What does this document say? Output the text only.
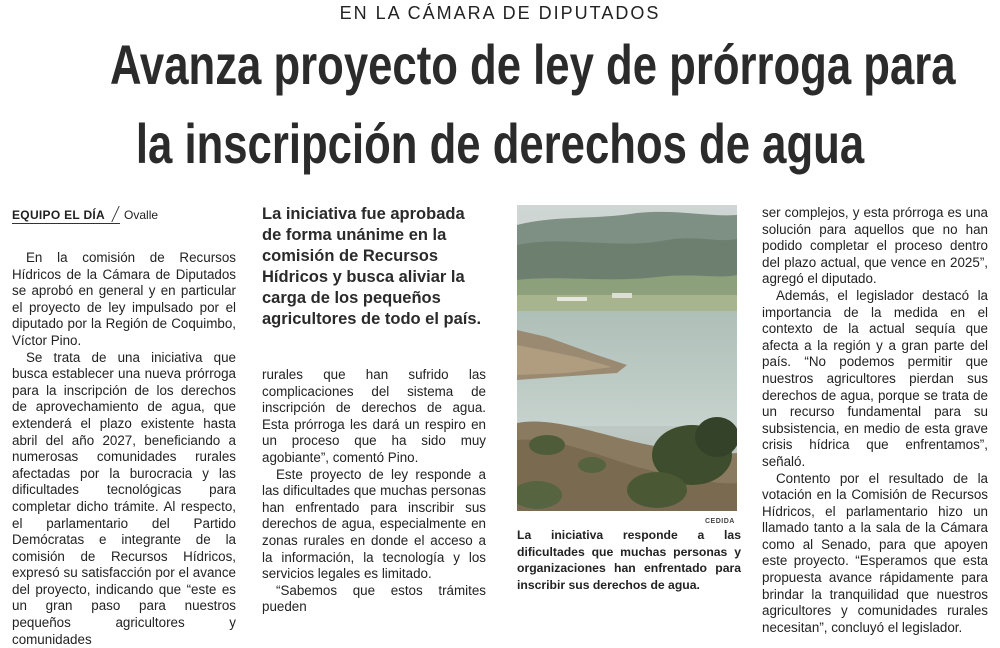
EN LA CÁMARA DE DIPUTADOS
Avanza proyecto de ley de prórroga para
la inscripción de derechos de agua
EQUIPO EL DÍA Ovalle

En la comisión de Recursos Hídricos de la Cámara de Diputados se aprobó en general y en particular el proyecto de ley impulsado por el diputado por la Región de Coquimbo, Víctor Pino.

Se trata de una iniciativa que busca establecer una nueva prórroga para la inscripción de los derechos de aprovechamiento de agua, que extenderá el plazo existente hasta abril del año 2027, beneficiando a numerosas comunidades rurales afectadas por la burocracia y las dificultades tecnológicas para completar dicho trámite. Al respecto, el parlamentario del Partido Demócratas e integrante de la comisión de Recursos Hídricos, expresó su satisfacción por el avance del proyecto, indicando que “este es un gran paso para nuestros pequeños agricultores y comunidades

La iniciativa fue aprobada de forma unánime en la comisión de Recursos Hídricos y busca aliviar la carga de los pequeños agricultores de todo el país.

rurales que han sufrido las complicaciones del sistema de inscripción de derechos de agua. Esta prórroga les dará un respiro en un proceso que ha sido muy agobiante”, comentó Pino.

Este proyecto de ley responde a las dificultades que muchas personas han enfrentado para inscribir sus derechos de agua, especialmente en zonas rurales en donde el acceso a la información, la tecnología y los servicios legales es limitado.

“Sabemos que estos trámites pueden

CEDIDA
La iniciativa responde a las dificultades que muchas personas y organizaciones han enfrentado para inscribir sus derechos de agua.

ser complejos, y esta prórroga es una solución para aquellos que no han podido completar el proceso dentro del plazo actual, que vence en 2025”, agregó el diputado.

Además, el legislador destacó la importancia de la medida en el contexto de la actual sequía que afecta a la región y a gran parte del país. “No podemos permitir que nuestros agricultores pierdan sus derechos de agua, porque se trata de un recurso fundamental para su subsistencia, en medio de esta grave crisis hídrica que enfrentamos”, señaló.

Contento por el resultado de la votación en la Comisión de Recursos Hídricos, el parlamentario hizo un llamado tanto a la sala de la Cámara como al Senado, para que apoyen este proyecto. “Esperamos que esta propuesta avance rápidamente para brindar la tranquilidad que nuestros agricultores y comunidades rurales necesitan”, concluyó el legislador.
